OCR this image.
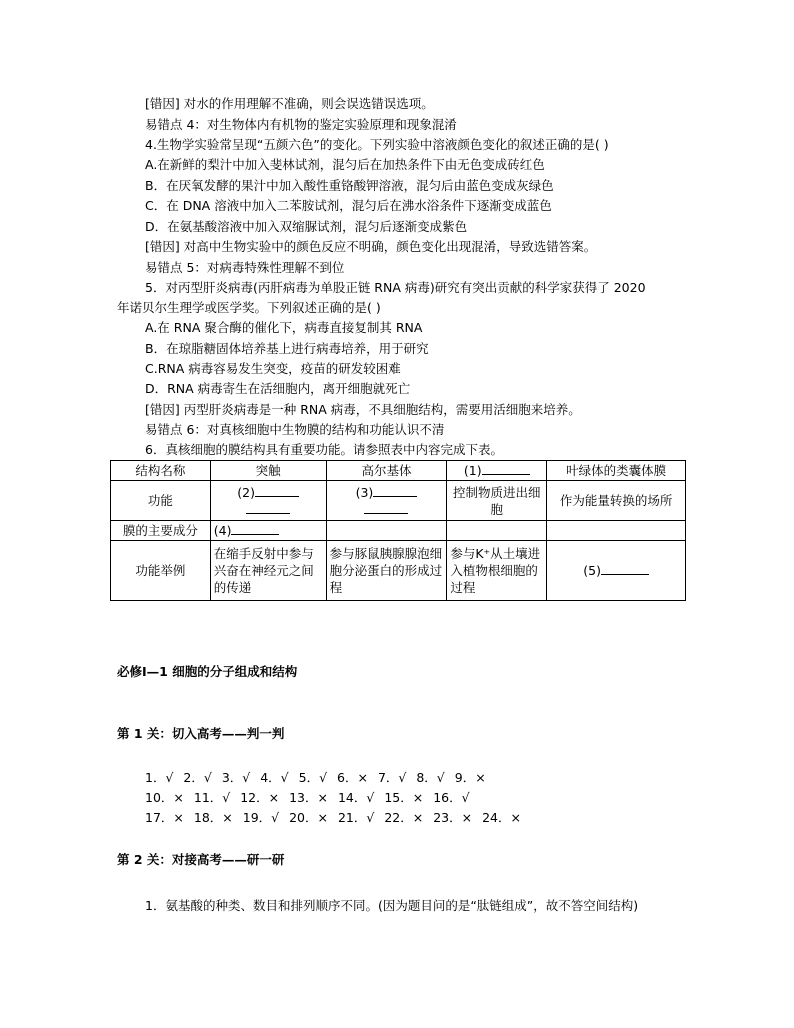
[错因] 对水的作用理解不准确，则会误选错误选项。
易错点 4：对生物体内有机物的鉴定实验原理和现象混淆
4.生物学实验常呈现“五颜六色”的变化。下列实验中溶液颜色变化的叙述正确的是( )
A.在新鲜的梨汁中加入斐林试剂，混匀后在加热条件下由无色变成砖红色
B．在厌氧发酵的果汁中加入酸性重铬酸钾溶液，混匀后由蓝色变成灰绿色
C．在 DNA 溶液中加入二苯胺试剂，混匀后在沸水浴条件下逐渐变成蓝色
D．在氨基酸溶液中加入双缩脲试剂，混匀后逐渐变成紫色
[错因] 对高中生物实验中的颜色反应不明确，颜色变化出现混淆，导致选错答案。
易错点 5：对病毒特殊性理解不到位
5．对丙型肝炎病毒(丙肝病毒为单股正链 RNA 病毒)研究有突出贡献的科学家获得了 2020
年诺贝尔生理学或医学奖。下列叙述正确的是( )
A.在 RNA 聚合酶的催化下，病毒直接复制其 RNA
B．在琼脂糖固体培养基上进行病毒培养，用于研究
C.RNA 病毒容易发生突变，疫苗的研发较困难
D．RNA 病毒寄生在活细胞内，离开细胞就死亡
[错因] 丙型肝炎病毒是一种 RNA 病毒，不具细胞结构，需要用活细胞来培养。
易错点 6：对真核细胞中生物膜的结构和功能认识不清
6．真核细胞的膜结构具有重要功能。请参照表中内容完成下表。
结构名称	突触	高尔基体	(1)	叶绿体的类囊体膜
功能	(2)	(3)	控制物质进出细胞	作为能量转换的场所
膜的主要成分	(4)			
功能举例	在缩手反射中参与兴奋在神经元之间的传递	参与豚鼠胰腺腺泡细胞分泌蛋白的形成过程	参与K⁺从土壤进入植物根细胞的过程	(5)
必修Ⅰ—1 细胞的分子组成和结构
第 1 关：切入高考——判一判
1．√ 2．√ 3．√ 4．√ 5．√ 6．× 7．√ 8．√ 9．×
10．× 11．√ 12．× 13．× 14．√ 15．× 16．√
17．× 18．× 19．√ 20．× 21．√ 22．× 23．× 24．×
第 2 关：对接高考——研一研
1．氨基酸的种类、数目和排列顺序不同。(因为题目问的是“肽链组成”，故不答空间结构)
